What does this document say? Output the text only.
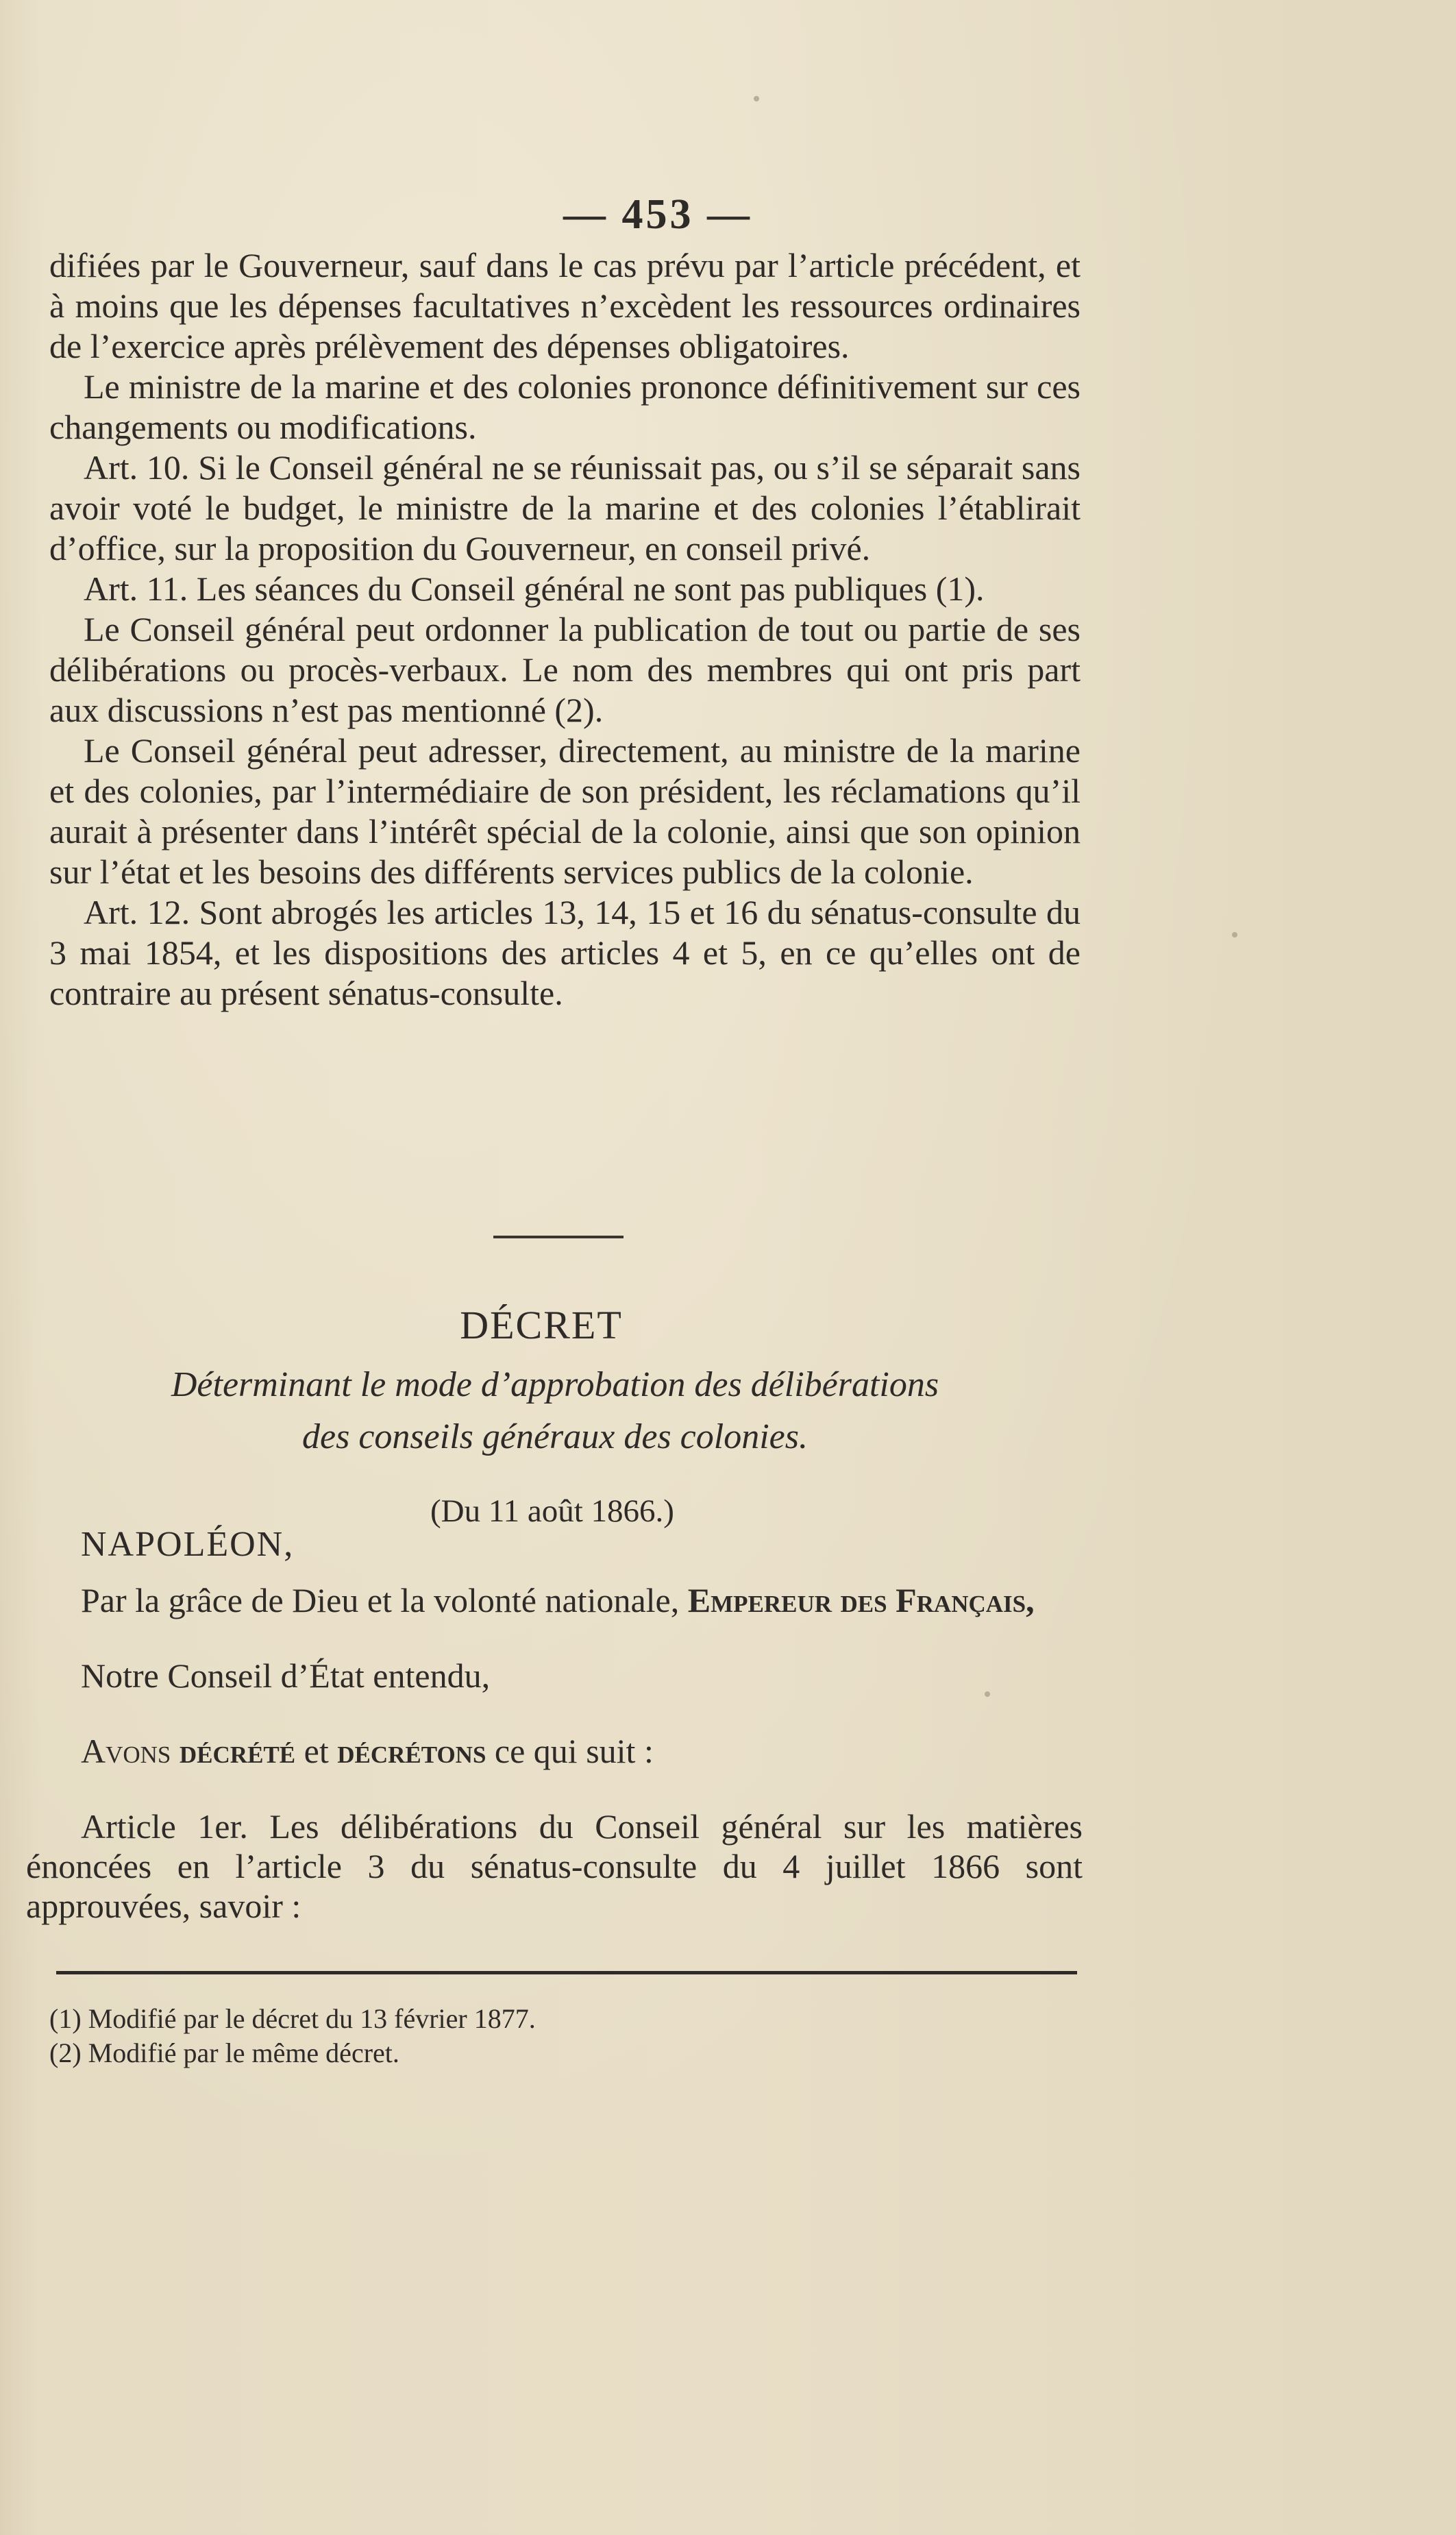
— 453 —

difiées par le Gouverneur, sauf dans le cas prévu par l’article précédent, et à moins que les dépenses facultatives n’excèdent les ressources ordinaires de l’exercice après prélèvement des dépenses obligatoires.

Le ministre de la marine et des colonies prononce définitivement sur ces changements ou modifications.

Art. 10. Si le Conseil général ne se réunissait pas, ou s’il se séparait sans avoir voté le budget, le ministre de la marine et des colonies l’établirait d’office, sur la proposition du Gouverneur, en conseil privé.

Art. 11. Les séances du Conseil général ne sont pas publiques (1).

Le Conseil général peut ordonner la publication de tout ou partie de ses délibérations ou procès-verbaux. Le nom des membres qui ont pris part aux discussions n’est pas mentionné (2).

Le Conseil général peut adresser, directement, au ministre de la marine et des colonies, par l’intermédiaire de son président, les réclamations qu’il aurait à présenter dans l’intérêt spécial de la colonie, ainsi que son opinion sur l’état et les besoins des différents services publics de la colonie.

Art. 12. Sont abrogés les articles 13, 14, 15 et 16 du sénatus-consulte du 3 mai 1854, et les dispositions des articles 4 et 5, en ce qu’elles ont de contraire au présent sénatus-consulte.

DÉCRET
Déterminant le mode d’approbation des délibérations
des conseils généraux des colonies.
(Du 11 août 1866.)
NAPOLÉON,

Par la grâce de Dieu et la volonté nationale, Empereur des Français,

Notre Conseil d’État entendu,

Avons décrété et décrétons ce qui suit :

Article 1er. Les délibérations du Conseil général sur les matières énoncées en l’article 3 du sénatus-consulte du 4 juillet 1866 sont approuvées, savoir :

(1) Modifié par le décret du 13 février 1877.
(2) Modifié par le même décret.
